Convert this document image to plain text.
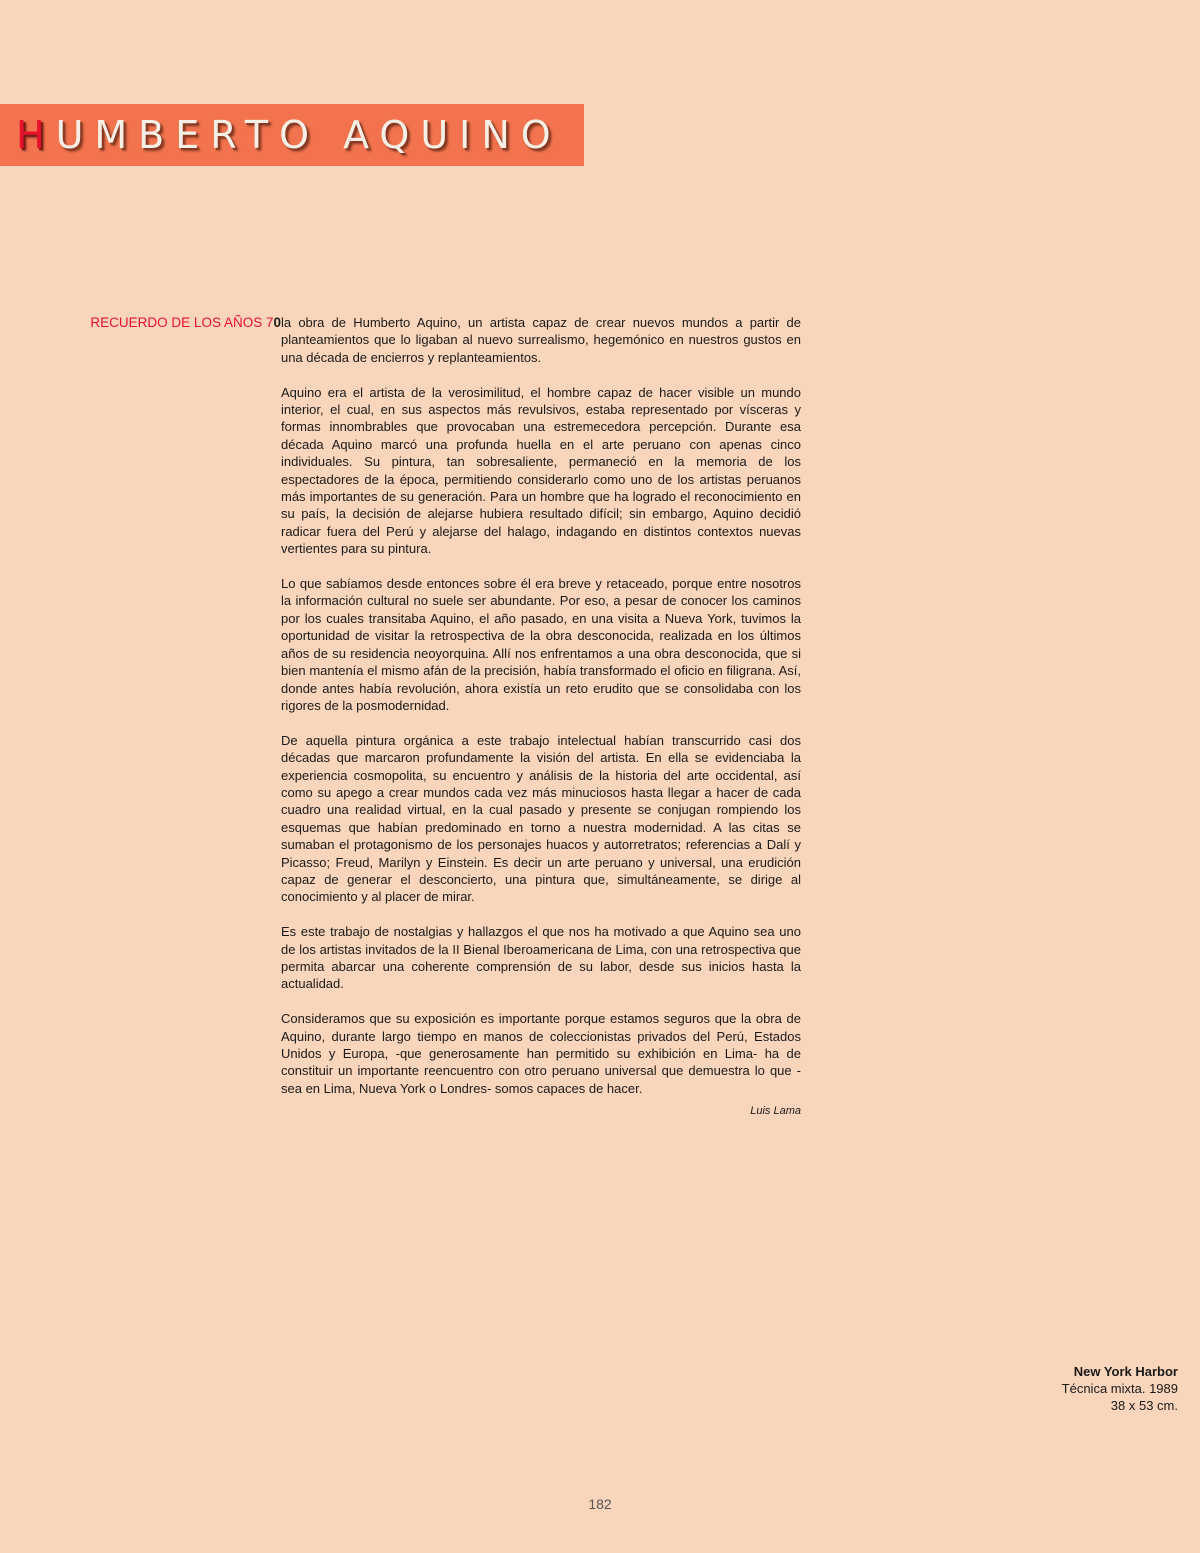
HUMBERTO AQUINO
RECUERDO DE LOS AÑOS 70 la obra de Humberto Aquino, un artista capaz de crear nuevos mundos a partir de planteamientos que lo ligaban al nuevo surrealismo, hegemónico en nuestros gustos en una década de encierros y replanteamientos.

Aquino era el artista de la verosimilitud, el hombre capaz de hacer visible un mundo interior, el cual, en sus aspectos más revulsivos, estaba representado por vísceras y formas innombrables que provocaban una estremecedora percepción. Durante esa década Aquino marcó una profunda huella en el arte peruano con apenas cinco individuales. Su pintura, tan sobresaliente, permaneció en la memoria de los espectadores de la época, permitiendo considerarlo como uno de los artistas peruanos más importantes de su generación. Para un hombre que ha logrado el reconocimiento en su país, la decisión de alejarse hubiera resultado difícil; sin embargo, Aquino decidió radicar fuera del Perú y alejarse del halago, indagando en distintos contextos nuevas vertientes para su pintura.

Lo que sabíamos desde entonces sobre él era breve y retaceado, porque entre nosotros la información cultural no suele ser abundante. Por eso, a pesar de conocer los caminos por los cuales transitaba Aquino, el año pasado, en una visita a Nueva York, tuvimos la oportunidad de visitar la retrospectiva de la obra desconocida, realizada en los últimos años de su residencia neoyorquina. Allí nos enfrentamos a una obra desconocida, que si bien mantenía el mismo afán de la precisión, había transformado el oficio en filigrana. Así, donde antes había revolución, ahora existía un reto erudito que se consolidaba con los rigores de la posmodernidad.

De aquella pintura orgánica a este trabajo intelectual habían transcurrido casi dos décadas que marcaron profundamente la visión del artista. En ella se evidenciaba la experiencia cosmopolita, su encuentro y análisis de la historia del arte occidental, así como su apego a crear mundos cada vez más minuciosos hasta llegar a hacer de cada cuadro una realidad virtual, en la cual pasado y presente se conjugan rompiendo los esquemas que habían predominado en torno a nuestra modernidad. A las citas se sumaban el protagonismo de los personajes huacos y autorretratos; referencias a Dalí y Picasso; Freud, Marilyn y Einstein. Es decir un arte peruano y universal, una erudición capaz de generar el desconcierto, una pintura que, simultáneamente, se dirige al conocimiento y al placer de mirar.

Es este trabajo de nostalgias y hallazgos el que nos ha motivado a que Aquino sea uno de los artistas invitados de la II Bienal Iberoamericana de Lima, con una retrospectiva que permita abarcar una coherente comprensión de su labor, desde sus inicios hasta la actualidad.

Consideramos que su exposición es importante porque estamos seguros que la obra de Aquino, durante largo tiempo en manos de coleccionistas privados del Perú, Estados Unidos y Europa, -que generosamente han permitido su exhibición en Lima- ha de constituir un importante reencuentro con otro peruano universal que demuestra lo que -sea en Lima, Nueva York o Londres- somos capaces de hacer.

Luis Lama
New York Harbor
Técnica mixta. 1989
38 x 53 cm.
182
